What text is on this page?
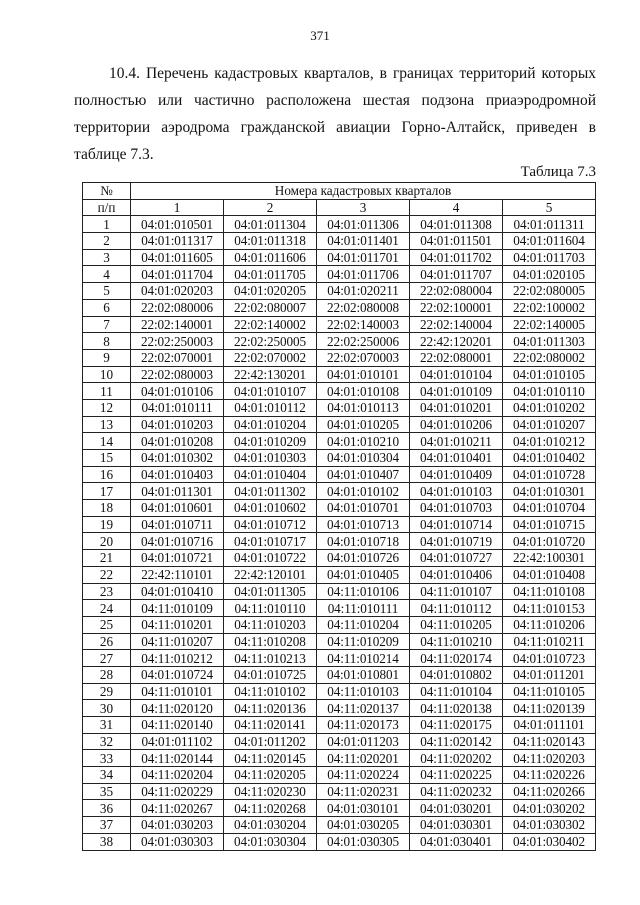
371
10.4. Перечень кадастровых кварталов, в границах территорий которых
полностью или частично расположена шестая подзона приаэродромной
территории аэродрома гражданской авиации Горно-Алтайск, приведен в
таблице 7.3.
Таблица 7.3
№	Номера кадастровых кварталов				
п/п	1	2	3	4	5
1	04:01:010501	04:01:011304	04:01:011306	04:01:011308	04:01:011311
2	04:01:011317	04:01:011318	04:01:011401	04:01:011501	04:01:011604
3	04:01:011605	04:01:011606	04:01:011701	04:01:011702	04:01:011703
4	04:01:011704	04:01:011705	04:01:011706	04:01:011707	04:01:020105
5	04:01:020203	04:01:020205	04:01:020211	22:02:080004	22:02:080005
6	22:02:080006	22:02:080007	22:02:080008	22:02:100001	22:02:100002
7	22:02:140001	22:02:140002	22:02:140003	22:02:140004	22:02:140005
8	22:02:250003	22:02:250005	22:02:250006	22:42:120201	04:01:011303
9	22:02:070001	22:02:070002	22:02:070003	22:02:080001	22:02:080002
10	22:02:080003	22:42:130201	04:01:010101	04:01:010104	04:01:010105
11	04:01:010106	04:01:010107	04:01:010108	04:01:010109	04:01:010110
12	04:01:010111	04:01:010112	04:01:010113	04:01:010201	04:01:010202
13	04:01:010203	04:01:010204	04:01:010205	04:01:010206	04:01:010207
14	04:01:010208	04:01:010209	04:01:010210	04:01:010211	04:01:010212
15	04:01:010302	04:01:010303	04:01:010304	04:01:010401	04:01:010402
16	04:01:010403	04:01:010404	04:01:010407	04:01:010409	04:01:010728
17	04:01:011301	04:01:011302	04:01:010102	04:01:010103	04:01:010301
18	04:01:010601	04:01:010602	04:01:010701	04:01:010703	04:01:010704
19	04:01:010711	04:01:010712	04:01:010713	04:01:010714	04:01:010715
20	04:01:010716	04:01:010717	04:01:010718	04:01:010719	04:01:010720
21	04:01:010721	04:01:010722	04:01:010726	04:01:010727	22:42:100301
22	22:42:110101	22:42:120101	04:01:010405	04:01:010406	04:01:010408
23	04:01:010410	04:01:011305	04:11:010106	04:11:010107	04:11:010108
24	04:11:010109	04:11:010110	04:11:010111	04:11:010112	04:11:010153
25	04:11:010201	04:11:010203	04:11:010204	04:11:010205	04:11:010206
26	04:11:010207	04:11:010208	04:11:010209	04:11:010210	04:11:010211
27	04:11:010212	04:11:010213	04:11:010214	04:11:020174	04:01:010723
28	04:01:010724	04:01:010725	04:01:010801	04:01:010802	04:01:011201
29	04:11:010101	04:11:010102	04:11:010103	04:11:010104	04:11:010105
30	04:11:020120	04:11:020136	04:11:020137	04:11:020138	04:11:020139
31	04:11:020140	04:11:020141	04:11:020173	04:11:020175	04:01:011101
32	04:01:011102	04:01:011202	04:01:011203	04:11:020142	04:11:020143
33	04:11:020144	04:11:020145	04:11:020201	04:11:020202	04:11:020203
34	04:11:020204	04:11:020205	04:11:020224	04:11:020225	04:11:020226
35	04:11:020229	04:11:020230	04:11:020231	04:11:020232	04:11:020266
36	04:11:020267	04:11:020268	04:01:030101	04:01:030201	04:01:030202
37	04:01:030203	04:01:030204	04:01:030205	04:01:030301	04:01:030302
38	04:01:030303	04:01:030304	04:01:030305	04:01:030401	04:01:030402
